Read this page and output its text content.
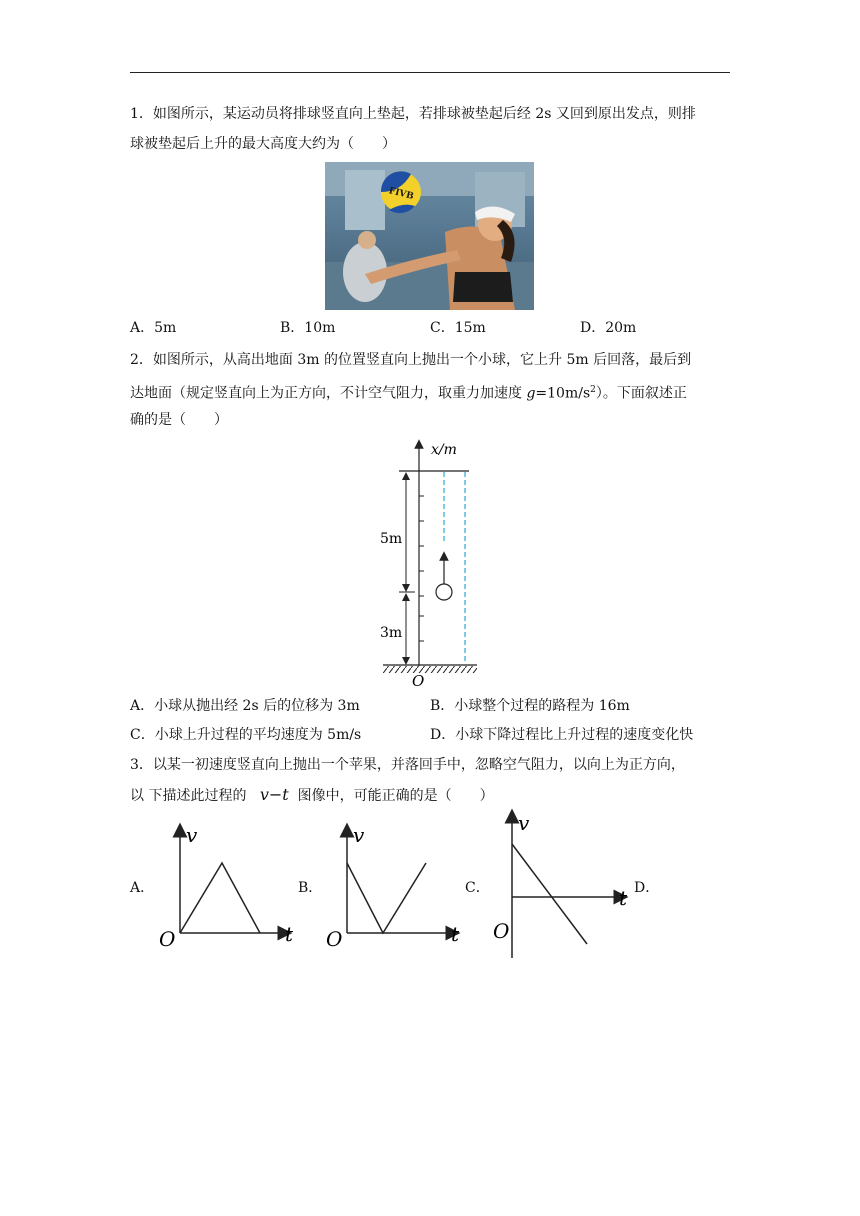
1．如图所示，某运动员将排球竖直向上垫起，若排球被垫起后经 2s 又回到原出发点，则排
球被垫起后上升的最大高度大约为（　　）
FIVB
A．5m	B．10m	C．15m	D．20m
2．如图所示，从高出地面 3m 的位置竖直向上抛出一个小球，它上升 5m 后回落，最后到
达地面（规定竖直向上为正方向，不计空气阻力，取重力加速度 $g=10m/s^2$）。下面叙述正
确的是（　　）
x/m
5m
3m
O
A．小球从抛出经 2s 后的位移为 3m	B．小球整个过程的路程为 16m
C．小球上升过程的平均速度为 5m/s	D．小球下降过程比上升过程的速度变化快
3．以某一初速度竖直向上抛出一个苹果，并落回手中，忽略空气阻力，以向上为正方向，
以 下描述此过程的 v−t 图像中，可能正确的是（　　）
A．	B．	C．	D．
v
t
O
v
t
O
v
t
O
